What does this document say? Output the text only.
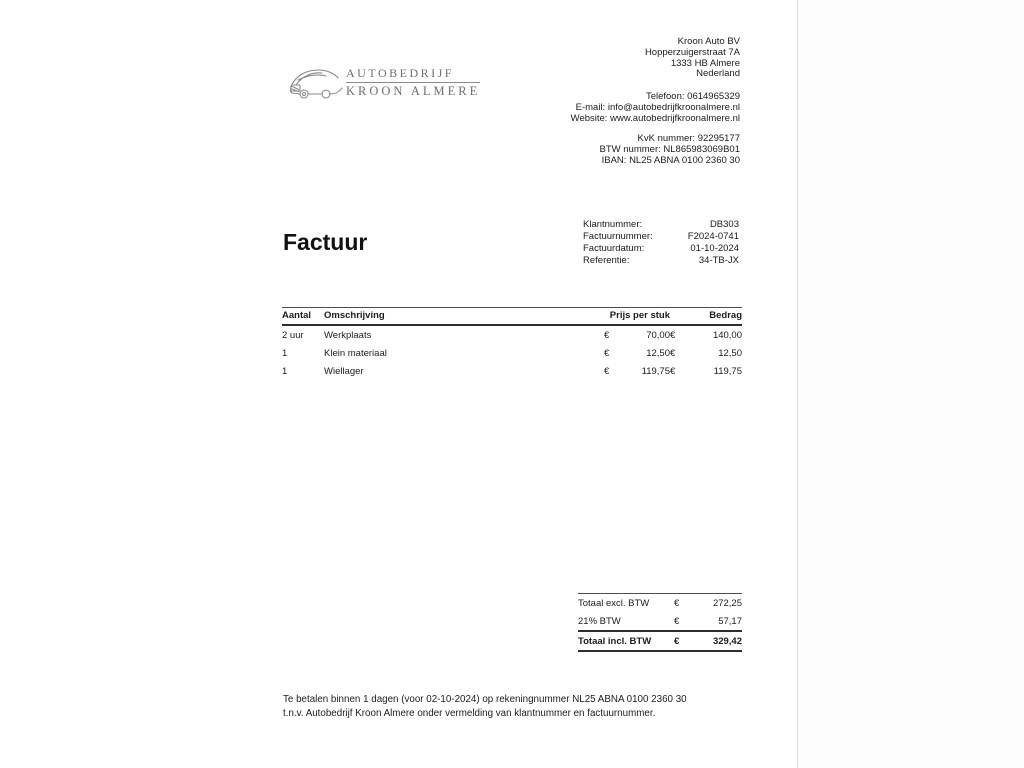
AUTOBEDRIJF
KROON ALMERE
Kroon Auto BV
Hopperzuigerstraat 7A
1333 HB Almere
Nederland
Telefoon: 0614965329
E-mail: info@autobedrijfkroonalmere.nl
Website: www.autobedrijfkroonalmere.nl
KvK nummer: 92295177
BTW nummer: NL865983069B01
IBAN: NL25 ABNA 0100 2360 30
Factuur
Klantnummer:	DB303
Factuurnummer:	F2024-0741
Factuurdatum:	01-10-2024
Referentie:	34-TB-JX
Aantal	Omschrijving	Prijs per stuk		Bedrag	
2 uur	Werkplaats	€	70,00	€	140,00
1	Klein materiaal	€	12,50	€	12,50
1	Wiellager	€	119,75	€	119,75
Totaal excl. BTW	€	272,25
21% BTW	€	57,17
Totaal incl. BTW	€	329,42
Te betalen binnen 1 dagen (voor 02-10-2024) op rekeningnummer NL25 ABNA 0100 2360 30
t.n.v. Autobedrijf Kroon Almere onder vermelding van klantnummer en factuurnummer.
